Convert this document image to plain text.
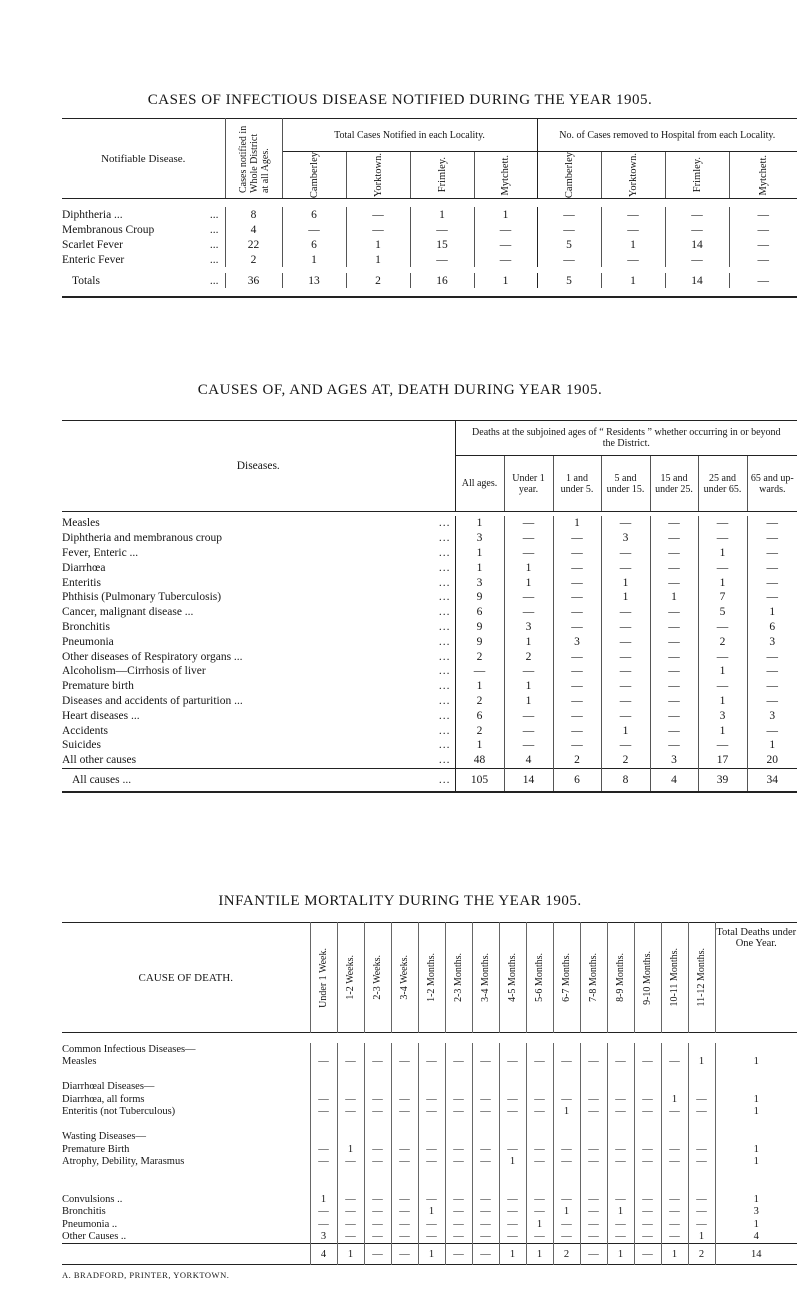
CASES OF INFECTIOUS DISEASE NOTIFIED DURING THE YEAR 1905.
Notifiable Disease.	Cases notified in Whole District at all Ages.	Total Cases Notified in each Locality.				No. of Cases removed to Hospital from each Locality.			

		Camberley	Yorktown.	Frimley.	Mytchett.	Camberley	Yorktown.	Frimley.	Mytchett.

Diphtheria ... ...	8	6	—	1	1	—	—	—	—
Membranous Croup ...	4	—	—	—	—	—	—	—	—
Scarlet Fever ...	22	6	1	15	—	5	1	14	—
Enteric Fever ...	2	1	1	—	—	—	—	—	—

Totals ...	36	13	2	16	1	5	1	14	—

CAUSES OF, AND AGES AT, DEATH DURING YEAR 1905.
Diseases.	Deaths at the subjoined ages of “ Residents ” whether occurring in or beyond the District.						
	All ages.	Under 1 year.	1 and under 5.	5 and under 15.	15 and under 25.	25 and under 65.	65 and up-wards.

Measles ...	1	—	1	—	—	—	—
Diphtheria and membranous croup ...	3	—	—	3	—	—	—
Fever, Enteric ... ...	1	—	—	—	—	1	—
Diarrhœa ...	1	1	—	—	—	—	—
Enteritis ...	3	1	—	1	—	1	—
Phthisis (Pulmonary Tuberculosis) ...	9	—	—	1	1	7	—
Cancer, malignant disease ... ...	6	—	—	—	—	5	1
Bronchitis ...	9	3	—	—	—	—	6
Pneumonia ...	9	1	3	—	—	2	3
Other diseases of Respiratory organs ... ...	2	2	—	—	—	—	—
Alcoholism—Cirrhosis of liver ...	—	—	—	—	—	1	—
Premature birth ...	1	1	—	—	—	—	—
Diseases and accidents of parturition ... ...	2	1	—	—	—	1	—
Heart diseases ... ...	6	—	—	—	—	3	3
Accidents ...	2	—	—	1	—	1	—
Suicides ...	1	—	—	—	—	—	1
All other causes ...	48	4	2	2	3	17	20
All causes ... ...	105	14	6	8	4	39	34
INFANTILE MORTALITY DURING THE YEAR 1905.
CAUSE OF DEATH.	Under 1 Week.	1-2 Weeks.	2-3 Weeks.	3-4 Weeks.	1-2 Months.	2-3 Months.	3-4 Months.	4-5 Months.	5-6 Months.	6-7 Months.	7-8 Months.	8-9 Months.	9-10 Months.	10-11 Months.	11-12 Months.	Total Deaths under One Year.

Common Infectious Diseases—																
Measles	—	—	—	—	—	—	—	—	—	—	—	—	—	—	1	1

Diarrhœal Diseases—																
Diarrhœa, all forms	—	—	—	—	—	—	—	—	—	—	—	—	—	1	—	1
Enteritis (not Tuberculous)	—	—	—	—	—	—	—	—	—	1	—	—	—	—	—	1

Wasting Diseases—																
Premature Birth	—	1	—	—	—	—	—	—	—	—	—	—	—	—	—	1
Atrophy, Debility, Marasmus	—	—	—	—	—	—	—	1	—	—	—	—	—	—	—	1

Convulsions ..	1	—	—	—	—	—	—	—	—	—	—	—	—	—	—	1
Bronchitis	—	—	—	—	1	—	—	—	—	1	—	1	—	—	—	3
Pneumonia ..	—	—	—	—	—	—	—	—	1	—	—	—	—	—	—	1
Other Causes ..	3	—	—	—	—	—	—	—	—	—	—	—	—	—	1	4
	4	1	—	—	1	—	—	1	1	2	—	1	—	1	2	14
A. BRADFORD, PRINTER, YORKTOWN.
